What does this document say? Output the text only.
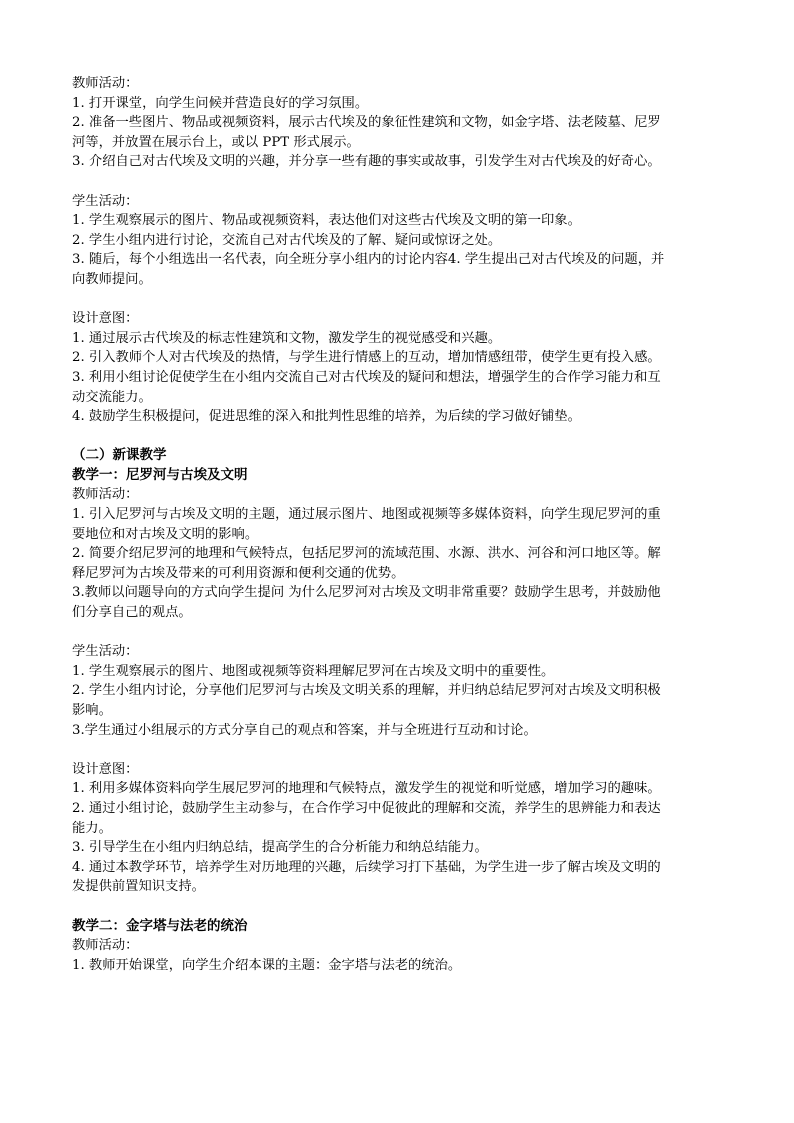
教师活动：
1. 打开课堂，向学生问候并营造良好的学习氛围。
2. 准备一些图片、物品或视频资料，展示古代埃及的象征性建筑和文物，如金字塔、法老陵墓、尼罗
河等，并放置在展示台上，或以 PPT 形式展示。
3. 介绍自己对古代埃及文明的兴趣，并分享一些有趣的事实或故事，引发学生对古代埃及的好奇心。
学生活动：
1. 学生观察展示的图片、物品或视频资料，表达他们对这些古代埃及文明的第一印象。
2. 学生小组内进行讨论，交流自己对古代埃及的了解、疑问或惊讶之处。
3. 随后，每个小组选出一名代表，向全班分享小组内的讨论内容4. 学生提出己对古代埃及的问题，并
向教师提问。
设计意图：
1. 通过展示古代埃及的标志性建筑和文物，激发学生的视觉感受和兴趣。
2. 引入教师个人对古代埃及的热情，与学生进行情感上的互动，增加情感纽带，使学生更有投入感。
3. 利用小组讨论促使学生在小组内交流自己对古代埃及的疑问和想法，增强学生的合作学习能力和互
动交流能力。
4. 鼓励学生积极提问，促进思维的深入和批判性思维的培养，为后续的学习做好铺垫。
（二）新课教学
教学一：尼罗河与古埃及文明
教师活动：
1. 引入尼罗河与古埃及文明的主题，通过展示图片、地图或视频等多媒体资料，向学生现尼罗河的重
要地位和对古埃及文明的影响。
2. 简要介绍尼罗河的地理和气候特点，包括尼罗河的流域范围、水源、洪水、河谷和河口地区等。解
释尼罗河为古埃及带来的可利用资源和便利交通的优势。
3.教师以问题导向的方式向学生提问 为什么尼罗河对古埃及文明非常重要？鼓励学生思考，并鼓励他
们分享自己的观点。
学生活动：
1. 学生观察展示的图片、地图或视频等资料理解尼罗河在古埃及文明中的重要性。
2. 学生小组内讨论，分享他们尼罗河与古埃及文明关系的理解，并归纳总结尼罗河对古埃及文明积极
影响。
3.学生通过小组展示的方式分享自己的观点和答案，并与全班进行互动和讨论。
设计意图：
1. 利用多媒体资料向学生展尼罗河的地理和气候特点，激发学生的视觉和听觉感，增加学习的趣味。
2. 通过小组讨论，鼓励学生主动参与，在合作学习中促彼此的理解和交流，养学生的思辨能力和表达
能力。
3. 引导学生在小组内归纳总结，提高学生的合分析能力和纳总结能力。
4. 通过本教学环节，培养学生对历地理的兴趣，后续学习打下基础，为学生进一步了解古埃及文明的
发提供前置知识支持。
教学二：金字塔与法老的统治
教师活动：
1. 教师开始课堂，向学生介绍本课的主题：金字塔与法老的统治。
